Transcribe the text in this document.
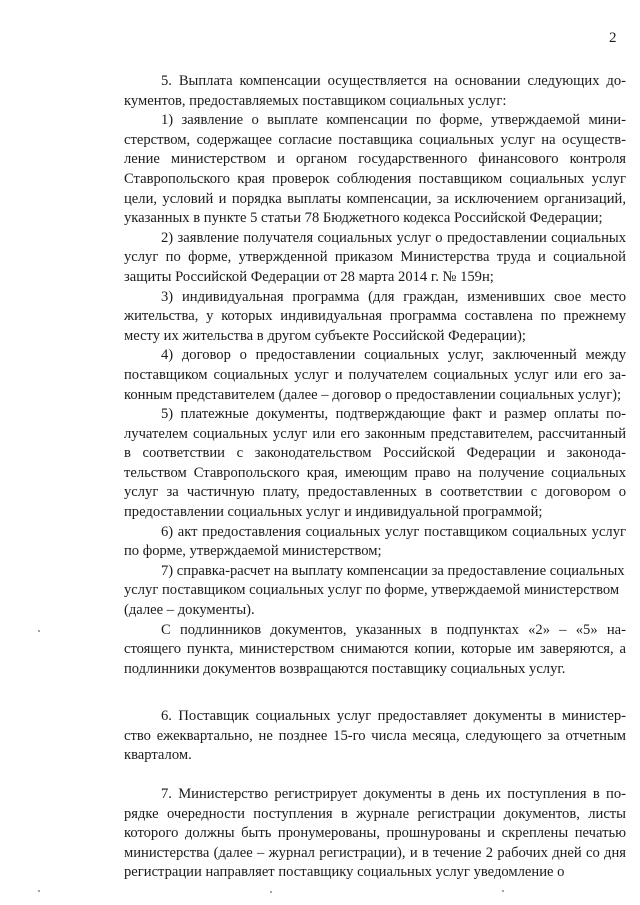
2

5. Выплата компенсации осуществляется на основании следующих документов, предоставляемых поставщиком социальных услуг:

1) заявление о выплате компенсации по форме, утверждаемой министерством, содержащее согласие поставщика социальных услуг на осуществление министерством и органом государственного финансового контроля Ставропольского края проверок соблюдения поставщиком социальных услуг цели, условий и порядка выплаты компенсации, за исключением организаций, указанных в пункте 5 статьи 78 Бюджетного кодекса Российской Федерации;

2) заявление получателя социальных услуг о предоставлении социальных услуг по форме, утвержденной приказом Министерства труда и социальной защиты Российской Федерации от 28 марта 2014 г. № 159н;

3) индивидуальная программа (для граждан, изменивших свое место жительства, у которых индивидуальная программа составлена по прежнему месту их жительства в другом субъекте Российской Федерации);

4) договор о предоставлении социальных услуг, заключенный между поставщиком социальных услуг и получателем социальных услуг или его законным представителем (далее – договор о предоставлении социальных услуг);

5) платежные документы, подтверждающие факт и размер оплаты получателем социальных услуг или его законным представителем, рассчитанный в соответствии с законодательством Российской Федерации и законодательством Ставропольского края, имеющим право на получение социальных услуг за частичную плату, предоставленных в соответствии с договором о предоставлении социальных услуг и индивидуальной программой;

6) акт предоставления социальных услуг поставщиком социальных услуг по форме, утверждаемой министерством;

7) справка-расчет на выплату компенсации за предоставление социальных услуг поставщиком социальных услуг по форме, утверждаемой министерством

(далее – документы).

С подлинников документов, указанных в подпунктах «2» – «5» настоящего пункта, министерством снимаются копии, которые им заверяются, а подлинники документов возвращаются поставщику социальных услуг.

6. Поставщик социальных услуг предоставляет документы в министерство ежеквартально, не позднее 15-го числа месяца, следующего за отчетным кварталом.

7. Министерство регистрирует документы в день их поступления в порядке очередности поступления в журнале регистрации документов, листы которого должны быть пронумерованы, прошнурованы и скреплены печатью министерства (далее – журнал регистрации), и в течение 2 рабочих дней со дня регистрации направляет поставщику социальных услуг уведомление о
